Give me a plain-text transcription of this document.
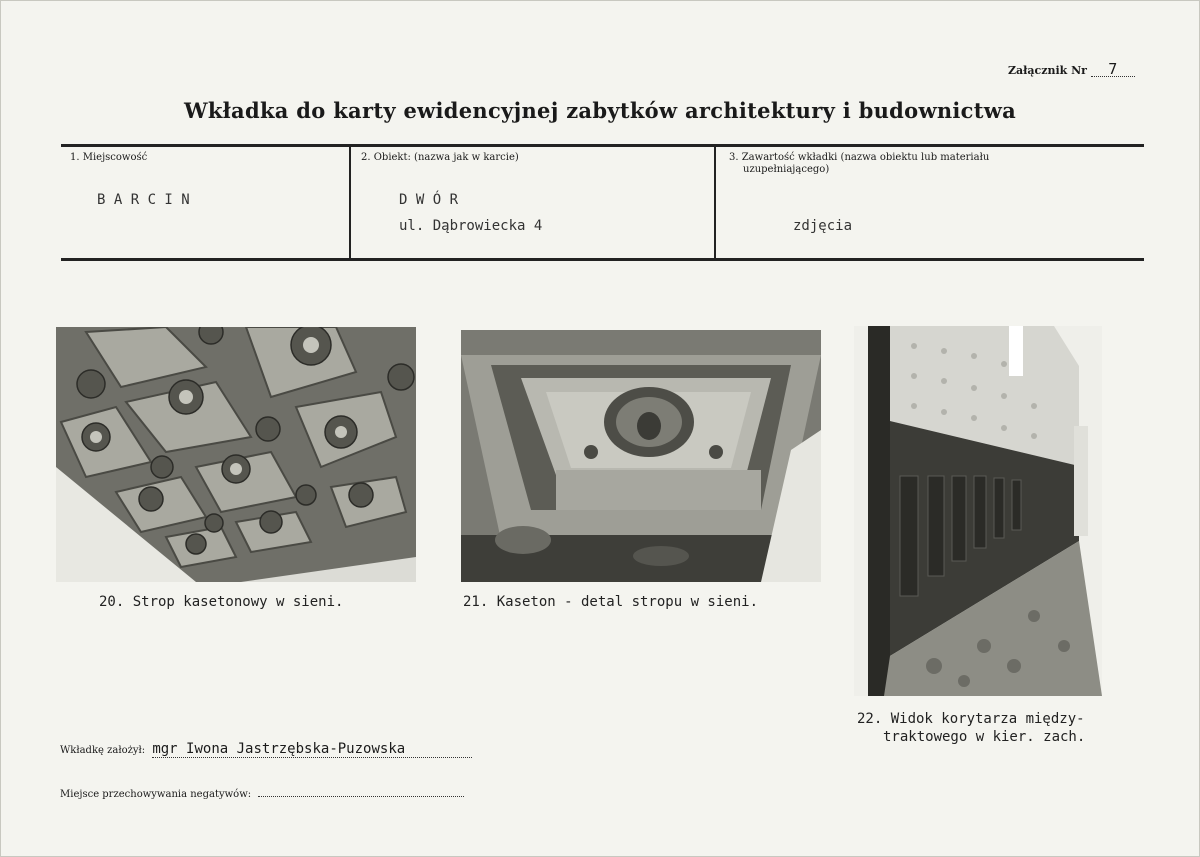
Załącznik Nr 7
Wkładka do karty ewidencyjnej zabytków architektury i budownictwa
1. Miejscowość
B A R C I N
2. Obiekt: (nazwa jak w karcie)
D W Ó R
ul. Dąbrowiecka 4
3. Zawartość wkładki (nazwa obiektu lub materiału
uzupełniającego)
zdjęcia
20. Strop kasetonowy w sieni.	21. Kaseton - detal stropu w sieni.
22. Widok korytarza między-
traktowego w kier. zach.
Wkładkę założył: mgr Iwona Jastrzębska-Puzowska
Miejsce przechowywania negatywów:
